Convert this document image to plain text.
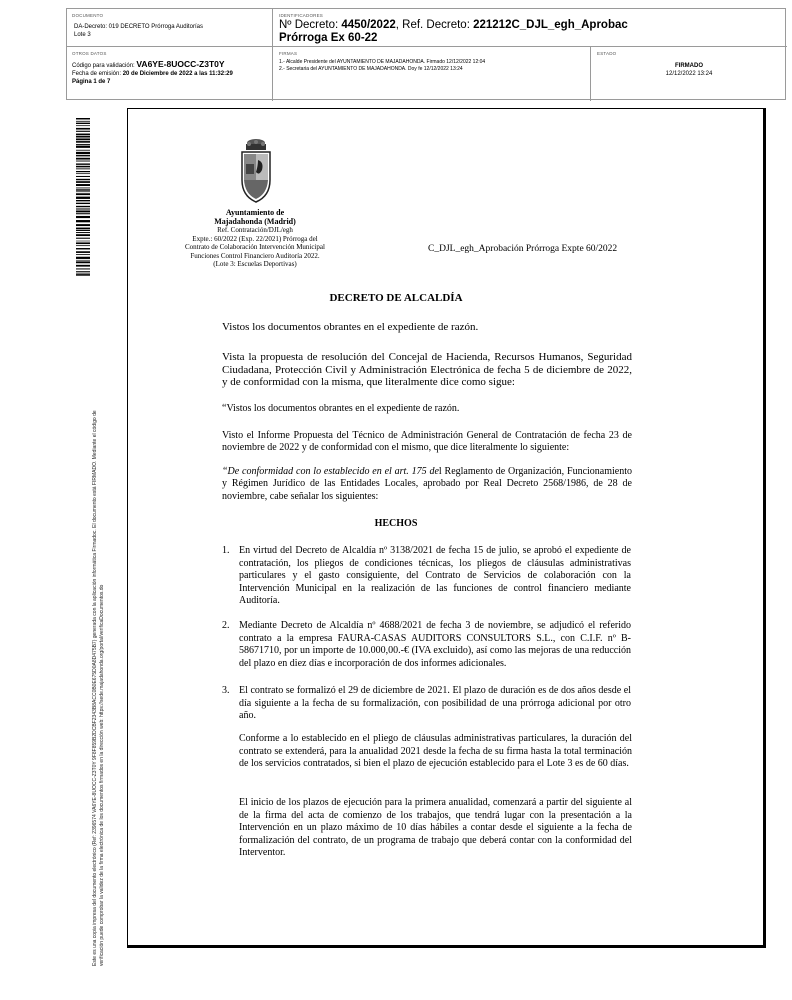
DOCUMENTO
DA-Decreto: 019 DECRETO Prórroga Auditorías
Lote 3
IDENTIFICADORES
Nº Decreto: 4450/2022, Ref. Decreto: 221212C_DJL_egh_Aprobac
Prórroga Ex 60-22
OTROS DATOS
Código para validación: VA6YE-8UOCC-Z3T0Y
Fecha de emisión: 20 de Diciembre de 2022 a las 11:32:29
Página 1 de 7
FIRMAS
1.- Alcalde Presidente del AYUNTAMIENTO DE MAJADAHONDA. Firmado 12/12/2022 12:04
2.- Secretaria del AYUNTAMIENTO DE MAJADAHONDA. Doy fe 12/12/2022 13:24
ESTADO
FIRMADO
12/12/2022 13:24
Este es una copia impresa del documento electrónico (Ref: 2396574 VA6YE-8UOCC-Z3T0Y 9F8F859B2DCBF2343B8ACC0B0E675D0A8D475B7) generada con la aplicación informática Firmadoc. El documento está FIRMADO. Mediante el código de verificación puede comprobar la validez de la firma electrónica de los documentos firmados en la dirección web: https://sede.majadahonda.org/portal/verificaDocumentos.do
Ayuntamiento de
Majadahonda (Madrid)
Ref. Contratación/DJL/egh
Expte.: 60/2022 (Exp. 22/2021) Prórroga del
Contrato de Colaboración Intervención Municipal
Funciones Control Financiero Auditoría 2022.
(Lote 3: Escuelas Deportivas)
C_DJL_egh_Aprobación Prórroga Expte 60/2022
DECRETO DE ALCALDÍA
Vistos los documentos obrantes en el expediente de razón.
Vista la propuesta de resolución del Concejal de Hacienda, Recursos Humanos, Seguridad Ciudadana, Protección Civil y Administración Electrónica de fecha 5 de diciembre de 2022, y de conformidad con la misma, que literalmente dice como sigue:
“Vistos los documentos obrantes en el expediente de razón.
Visto el Informe Propuesta del Técnico de Administración General de Contratación de fecha 23 de noviembre de 2022 y de conformidad con el mismo, que dice literalmente lo siguiente:
“De conformidad con lo establecido en el art. 175 del Reglamento de Organización, Funcionamiento y Régimen Jurídico de las Entidades Locales, aprobado por Real Decreto 2568/1986, de 28 de noviembre, cabe señalar los siguientes:
HECHOS
1. En virtud del Decreto de Alcaldía nº 3138/2021 de fecha 15 de julio, se aprobó el expediente de contratación, los pliegos de condiciones técnicas, los pliegos de cláusulas administrativas particulares y el gasto consiguiente, del Contrato de Servicios de colaboración con la Intervención Municipal en la realización de las funciones de control financiero mediante Auditoría.
2. Mediante Decreto de Alcaldía nº 4688/2021 de fecha 3 de noviembre, se adjudicó el referido contrato a la empresa FAURA-CASAS AUDITORS CONSULTORS S.L., con C.I.F. nº B-58671710, por un importe de 10.000,00.-€ (IVA excluido), así como las mejoras de una reducción del plazo en diez días e incorporación de dos informes adicionales.
3. El contrato se formalizó el 29 de diciembre de 2021. El plazo de duración es de dos años desde el día siguiente a la fecha de su formalización, con posibilidad de una prórroga adicional por otro año.
Conforme a lo establecido en el pliego de cláusulas administrativas particulares, la duración del contrato se extenderá, para la anualidad 2021 desde la fecha de su firma hasta la total terminación de los servicios contratados, si bien el plazo de ejecución establecido para el Lote 3 es de 60 días.
El inicio de los plazos de ejecución para la primera anualidad, comenzará a partir del siguiente al de la firma del acta de comienzo de los trabajos, que tendrá lugar con la presentación a la Intervención en un plazo máximo de 10 días hábiles a contar desde el siguiente a la fecha de formalización del contrato, de un programa de trabajo que deberá contar con la conformidad del Interventor.
